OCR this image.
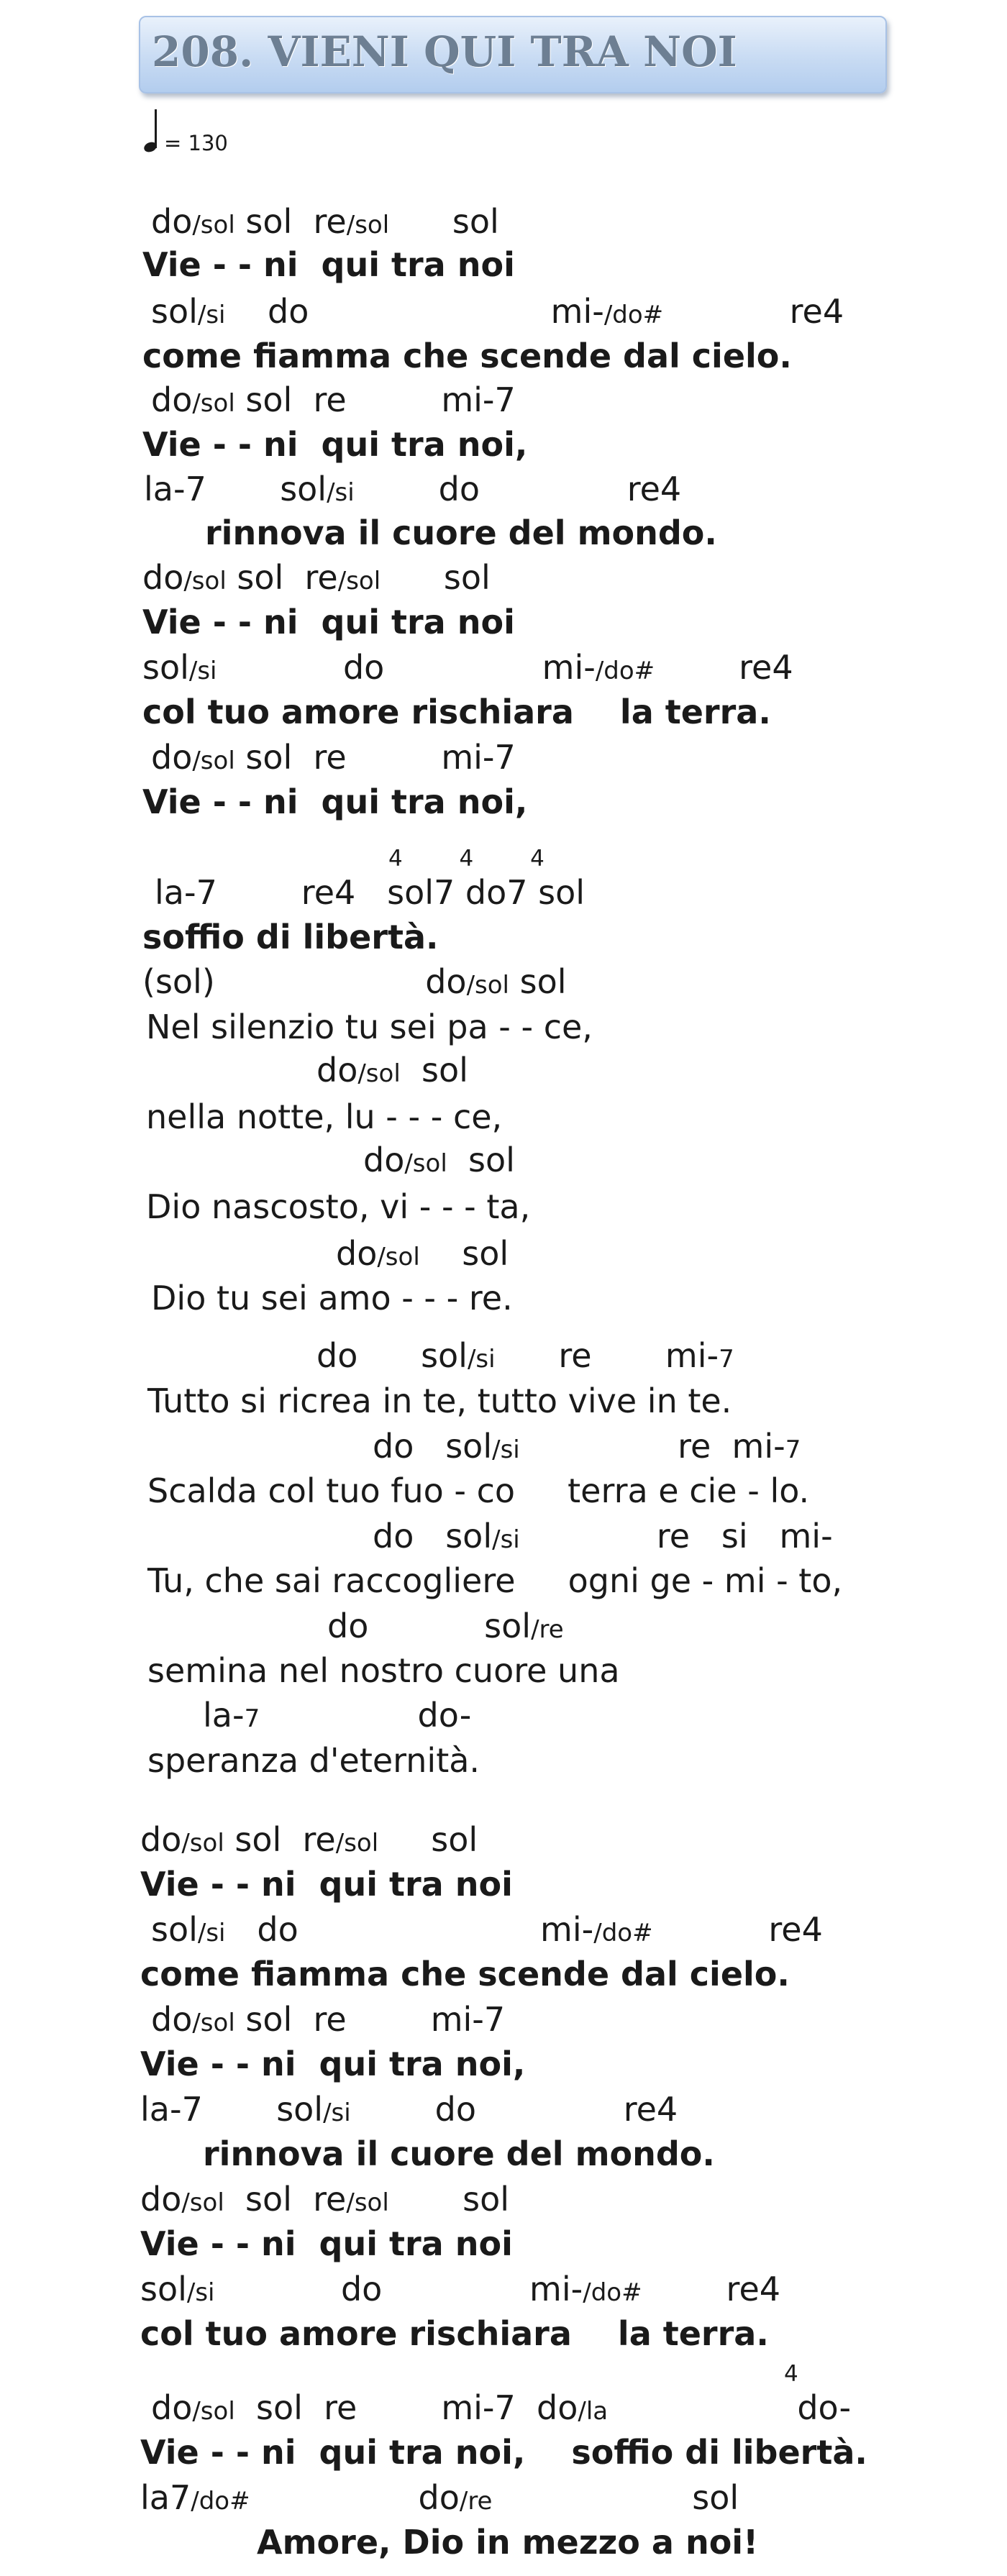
208. VIENI QUI TRA NOI
= 130
do/sol sol  re/sol      sol
Vie - - ni  qui tra noi
sol/si    do                       mi-/do#            re4
come fiamma che scende dal cielo.
do/sol sol  re         mi-7
Vie - - ni  qui tra noi,
la-7       sol/si        do              re4
rinnova il cuore del mondo.
do/sol sol  re/sol      sol
Vie - - ni  qui tra noi
sol/si            do               mi-/do#        re4
col tuo amore rischiara    la terra.
do/sol sol  re         mi-7
Vie - - ni  qui tra noi,
4        4        4
la-7        re4   sol7 do7 sol
soffio di libertà.
(sol)                    do/sol sol
Nel silenzio tu sei pa - - ce,
do/sol  sol
nella notte, lu - - - ce,
do/sol  sol
Dio nascosto, vi - - - ta,
do/sol    sol
Dio tu sei amo - - - re.
do      sol/si      re       mi-7
Tutto si ricrea in te, tutto vive in te.
do   sol/si               re  mi-7
Scalda col tuo fuo - co     terra e cie - lo.
do   sol/si             re   si   mi-
Tu, che sai raccogliere     ogni ge - mi - to,
do           sol/re
semina nel nostro cuore una
la-7               do-
speranza d'eternità.
do/sol sol  re/sol     sol
Vie - - ni  qui tra noi
sol/si   do                       mi-/do#           re4
come fiamma che scende dal cielo.
do/sol sol  re        mi-7
Vie - - ni  qui tra noi,
la-7       sol/si        do              re4
rinnova il cuore del mondo.
do/sol  sol  re/sol       sol
Vie - - ni  qui tra noi
sol/si            do              mi-/do#        re4
col tuo amore rischiara    la terra.
4
do/sol  sol  re        mi-7  do/la                  do-
Vie - - ni  qui tra noi,    soffio di libertà.
la7/do#                do/re                   sol
Amore, Dio in mezzo a noi!
